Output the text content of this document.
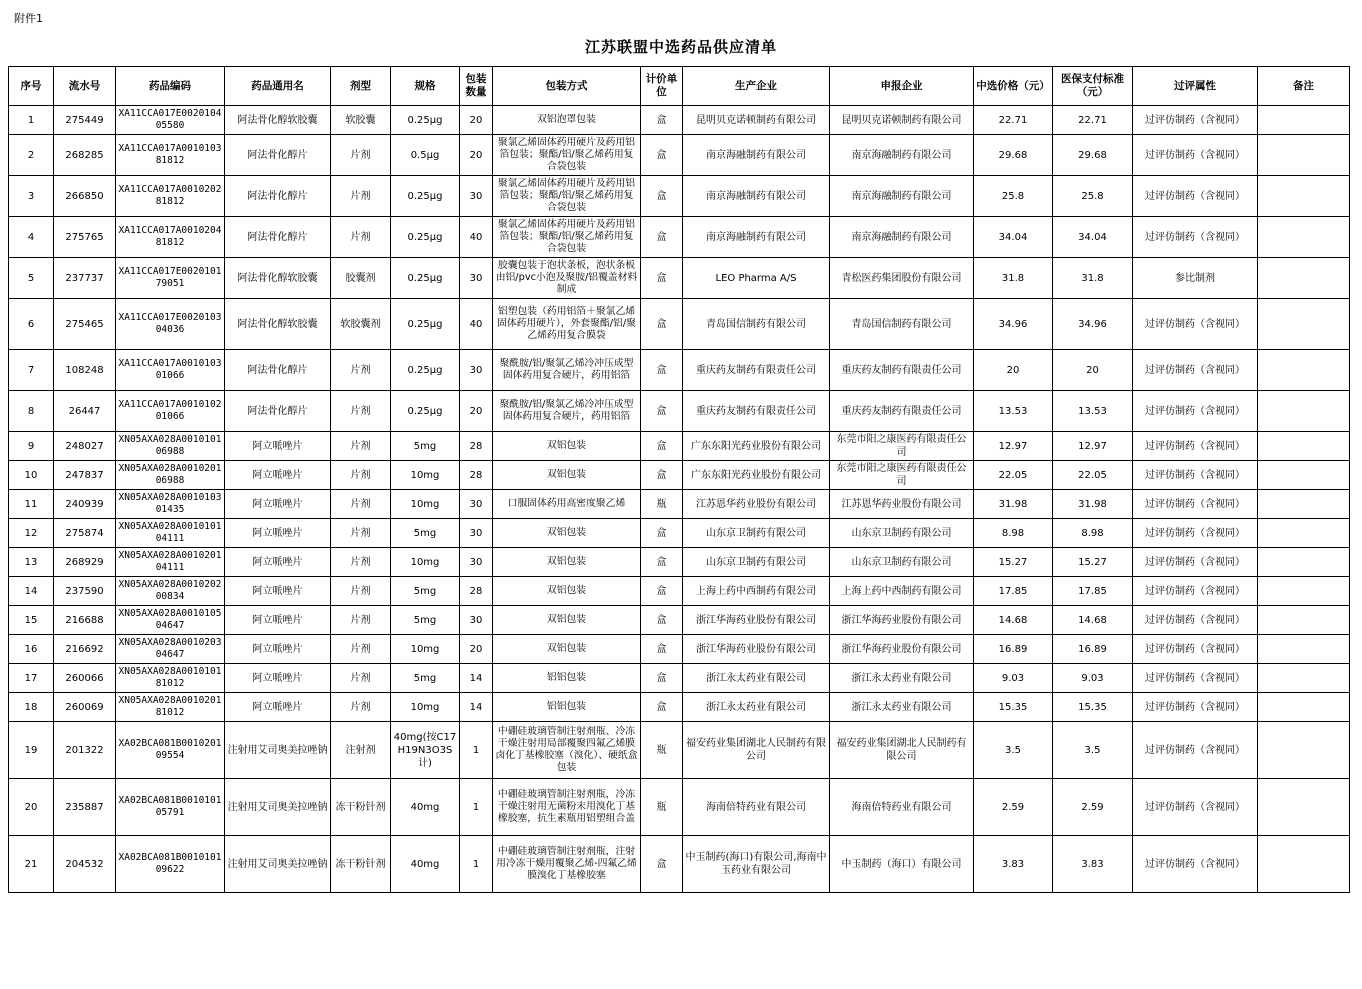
附件1
江苏联盟中选药品供应清单
序号	流水号	药品编码	药品通用名	剂型	规格	包装数量	包装方式	计价单位	生产企业	申报企业	中选价格（元）	医保支付标准（元）	过评属性	备注
1	275449	XA11CCA017E002010405580	阿法骨化醇软胶囊	软胶囊	0.25μg	20	双铝泡罩包装	盒	昆明贝克诺顿制药有限公司	昆明贝克诺顿制药有限公司	22.71	22.71	过评仿制药（含视同）	
2	268285	XA11CCA017A001010381812	阿法骨化醇片	片剂	0.5μg	20	聚氯乙烯固体药用硬片及药用铝箔包装；聚酯/铝/聚乙烯药用复合袋包装	盒	南京海融制药有限公司	南京海融制药有限公司	29.68	29.68	过评仿制药（含视同）	
3	266850	XA11CCA017A001020281812	阿法骨化醇片	片剂	0.25μg	30	聚氯乙烯固体药用硬片及药用铝箔包装；聚酯/铝/聚乙烯药用复合袋包装	盒	南京海融制药有限公司	南京海融制药有限公司	25.8	25.8	过评仿制药（含视同）	
4	275765	XA11CCA017A001020481812	阿法骨化醇片	片剂	0.25μg	40	聚氯乙烯固体药用硬片及药用铝箔包装；聚酯/铝/聚乙烯药用复合袋包装	盒	南京海融制药有限公司	南京海融制药有限公司	34.04	34.04	过评仿制药（含视同）	
5	237737	XA11CCA017E002010179051	阿法骨化醇软胶囊	胶囊剂	0.25μg	30	胶囊包装于泡状条板，泡状条板由铝/pvc小泡及聚胺/铝覆盖材料制成	盒	LEO Pharma A/S	青松医药集团股份有限公司	31.8	31.8	参比制剂	
6	275465	XA11CCA017E002010304036	阿法骨化醇软胶囊	软胶囊剂	0.25μg	40	铝塑包装（药用铝箔＋聚氯乙烯固体药用硬片），外套聚酯/铝/聚乙烯药用复合膜袋	盒	青岛国信制药有限公司	青岛国信制药有限公司	34.96	34.96	过评仿制药（含视同）	
7	108248	XA11CCA017A001010301066	阿法骨化醇片	片剂	0.25μg	30	聚酰胺/铝/聚氯乙烯冷冲压成型固体药用复合硬片，药用铝箔	盒	重庆药友制药有限责任公司	重庆药友制药有限责任公司	20	20	过评仿制药（含视同）	
8	26447	XA11CCA017A001010201066	阿法骨化醇片	片剂	0.25μg	20	聚酰胺/铝/聚氯乙烯冷冲压成型固体药用复合硬片，药用铝箔	盒	重庆药友制药有限责任公司	重庆药友制药有限责任公司	13.53	13.53	过评仿制药（含视同）	
9	248027	XN05AXA028A001010106988	阿立哌唑片	片剂	5mg	28	双铝包装	盒	广东东阳光药业股份有限公司	东莞市阳之康医药有限责任公司	12.97	12.97	过评仿制药（含视同）	
10	247837	XN05AXA028A001020106988	阿立哌唑片	片剂	10mg	28	双铝包装	盒	广东东阳光药业股份有限公司	东莞市阳之康医药有限责任公司	22.05	22.05	过评仿制药（含视同）	
11	240939	XN05AXA028A001010301435	阿立哌唑片	片剂	10mg	30	口服固体药用高密度聚乙烯	瓶	江苏恩华药业股份有限公司	江苏恩华药业股份有限公司	31.98	31.98	过评仿制药（含视同）	
12	275874	XN05AXA028A001010104111	阿立哌唑片	片剂	5mg	30	双铝包装	盒	山东京卫制药有限公司	山东京卫制药有限公司	8.98	8.98	过评仿制药（含视同）	
13	268929	XN05AXA028A001020104111	阿立哌唑片	片剂	10mg	30	双铝包装	盒	山东京卫制药有限公司	山东京卫制药有限公司	15.27	15.27	过评仿制药（含视同）	
14	237590	XN05AXA028A001020200834	阿立哌唑片	片剂	5mg	28	双铝包装	盒	上海上药中西制药有限公司	上海上药中西制药有限公司	17.85	17.85	过评仿制药（含视同）	
15	216688	XN05AXA028A001010504647	阿立哌唑片	片剂	5mg	30	双铝包装	盒	浙江华海药业股份有限公司	浙江华海药业股份有限公司	14.68	14.68	过评仿制药（含视同）	
16	216692	XN05AXA028A001020304647	阿立哌唑片	片剂	10mg	20	双铝包装	盒	浙江华海药业股份有限公司	浙江华海药业股份有限公司	16.89	16.89	过评仿制药（含视同）	
17	260066	XN05AXA028A001010181012	阿立哌唑片	片剂	5mg	14	铝铝包装	盒	浙江永太药业有限公司	浙江永太药业有限公司	9.03	9.03	过评仿制药（含视同）	
18	260069	XN05AXA028A001020181012	阿立哌唑片	片剂	10mg	14	铝铝包装	盒	浙江永太药业有限公司	浙江永太药业有限公司	15.35	15.35	过评仿制药（含视同）	
19	201322	XA02BCA081B001020109554	注射用艾司奥美拉唑钠	注射剂	40mg(按C17H19N3O3S计)	1	中硼硅玻璃管制注射剂瓶、冷冻干燥注射用局部覆聚四氟乙烯膜卤化丁基橡胶塞（溴化）、硬纸盒包装	瓶	福安药业集团湖北人民制药有限公司	福安药业集团湖北人民制药有限公司	3.5	3.5	过评仿制药（含视同）	
20	235887	XA02BCA081B001010105791	注射用艾司奥美拉唑钠	冻干粉针剂	40mg	1	中硼硅玻璃管制注射剂瓶，冷冻干燥注射用无菌粉末用溴化丁基橡胶塞，抗生素瓶用铝塑组合盖	瓶	海南倍特药业有限公司	海南倍特药业有限公司	2.59	2.59	过评仿制药（含视同）	
21	204532	XA02BCA081B001010109622	注射用艾司奥美拉唑钠	冻干粉针剂	40mg	1	中硼硅玻璃管制注射剂瓶，注射用冷冻干燥用覆聚乙烯-四氟乙烯膜溴化丁基橡胶塞	盒	中玉制药(海口)有限公司,海南中玉药业有限公司	中玉制药（海口）有限公司	3.83	3.83	过评仿制药（含视同）	
